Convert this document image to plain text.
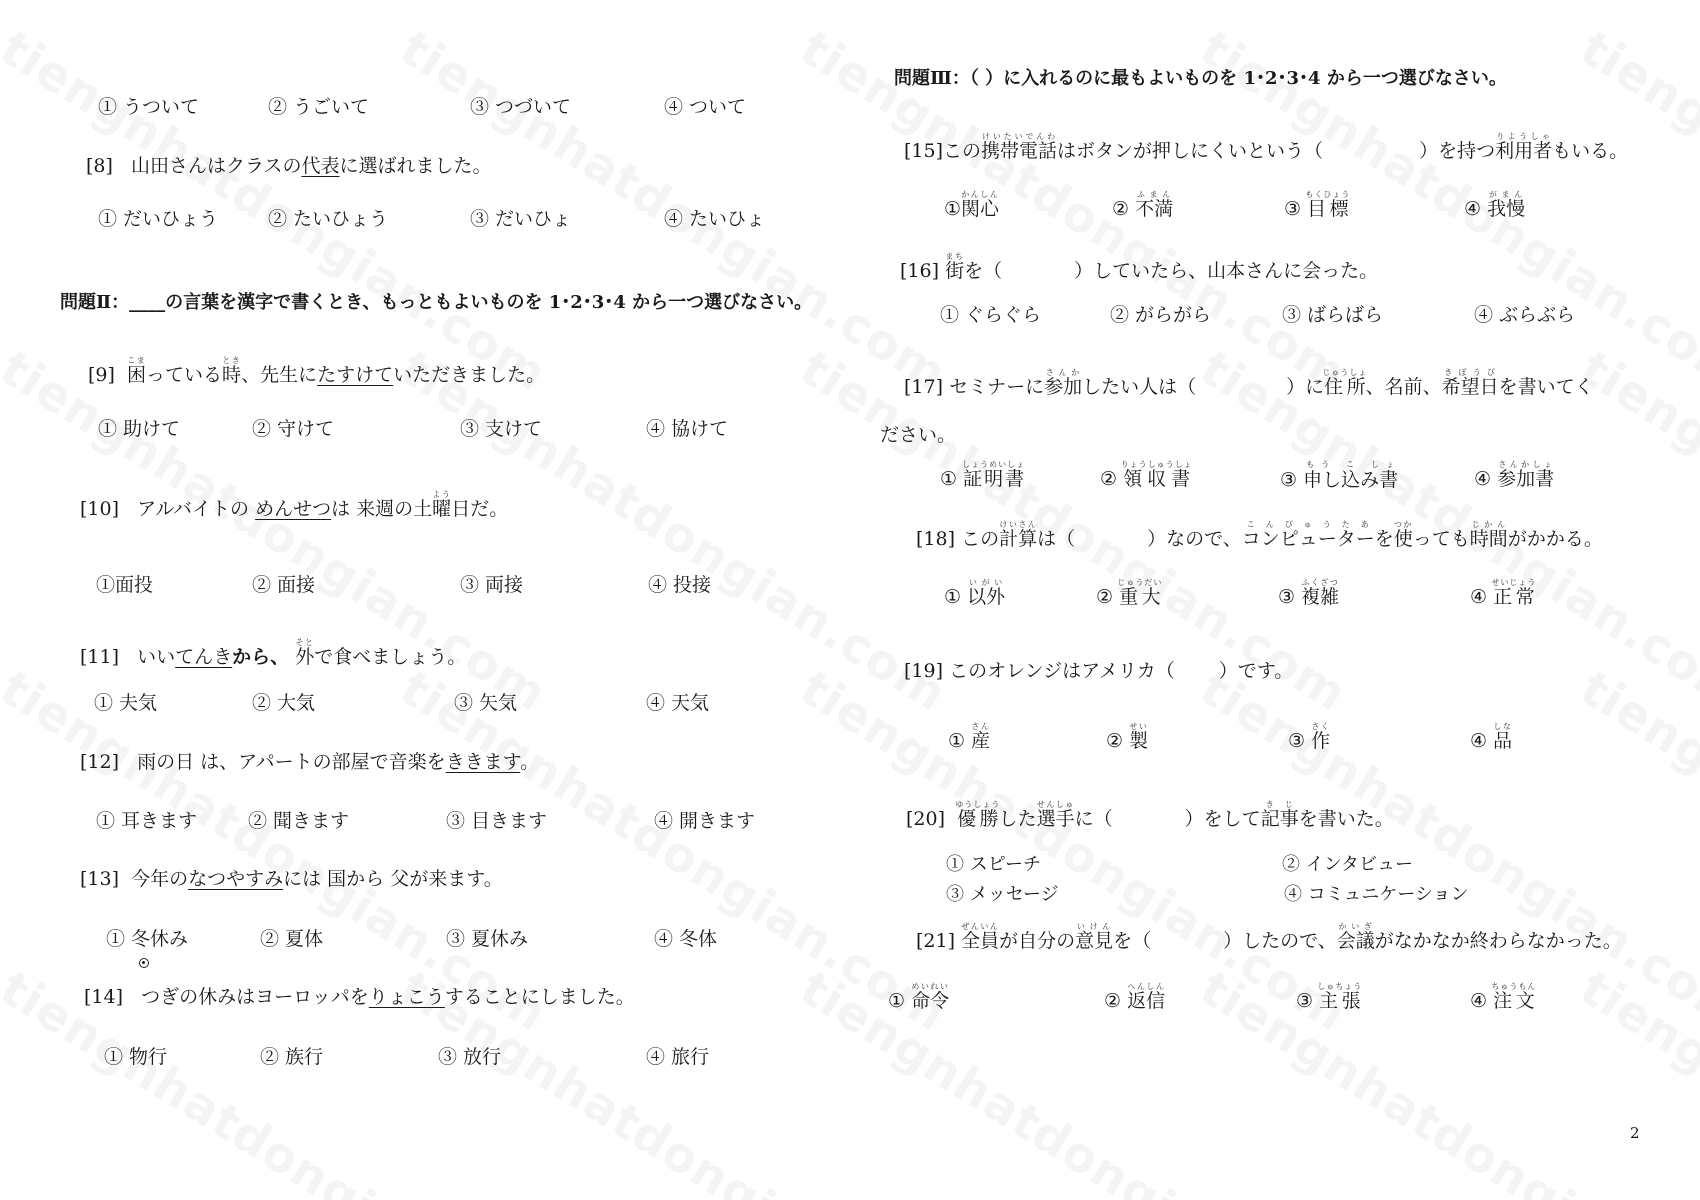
① うついて	② うごいて	③ つづいて	④ ついて
[8] 山田さんはクラスの代表に選ばれました。
① だいひょう	② たいひょう	③ だいひょ	④ たいひょ
問題Ⅱ：____の言葉を漢字で書くとき、もっともよいものを 1･2･3･4 から一つ選びなさい。
[9] 困こまっている時とき、先生にたすけていただきました。
① 助けて	② 守けて	③ 支けて	④ 協けて
[10] アルバイトの めんせつは 来週の土曜よう日だ。
①面投	② 面接	③ 両接	④ 投接
[11] いいてんきから、 外そとで食べましょう。
① 夫気	② 大気	③ 矢気	④ 天気
[12] 雨の日 は、アパートの部屋で音楽をききます。
① 耳きます	② 聞きます	③ 目きます	④ 開きます
[13] 今年のなつやすみには 国から 父が来ます。
① 冬休み	② 夏体	③ 夏休み	④ 冬体
[14] つぎの休みはヨーロッパをりょこうすることにしました。
① 物行	② 族行	③ 放行	④ 旅行
問題Ⅲ：（ ）に入れるのに最もよいものを 1･2･3･4 から一つ選びなさい。
[15]この携帯電話けいたいでんわはボタンが押しにくいという（	）を持つ利用者りようしゃもいる。
①関心かんしん
② 不満ふまん
③ 目標もくひょう
④ 我慢がまん
[16] 街まちを（	）していたら、山本さんに会った。
① ぐらぐら	② がらがら	③ ばらばら	④ ぶらぶら
[17] セミナーに参加さんかしたい人は（	）に住所じゅうしょ、名前、希望日きぼうびを書いてく
ださい。
① 証明書しょうめいしょ
② 領収書りょうしゅうしょ
③ 申し込み書もう こ しょ
④ 参加書さんかしょ
[18] この計算けいさんは（	）なので、コンピューターこんぴゅうたあを使つかっても時間じかんがかかる。
① 以外いがい
② 重大じゅうだい
③ 複雑ふくざつ
④ 正常せいじょう
[19] このオレンジはアメリカ（ ）です。
① 産さん
② 製せい
③ 作さく
④ 品しな
[20] 優勝ゆうしょうした選手せんしゅに（	）をして記事きじを書いた。
① スピーチ	② インタビュー
③ メッセージ	④ コミュニケーション
[21] 全員ぜんいんが自分の意見いけんを（	）したので、会議かいぎがなかなか終わらなかった。
① 命令めいれい
② 返信へんしん
③ 主張しゅちょう
④ 注文ちゅうもん
2
